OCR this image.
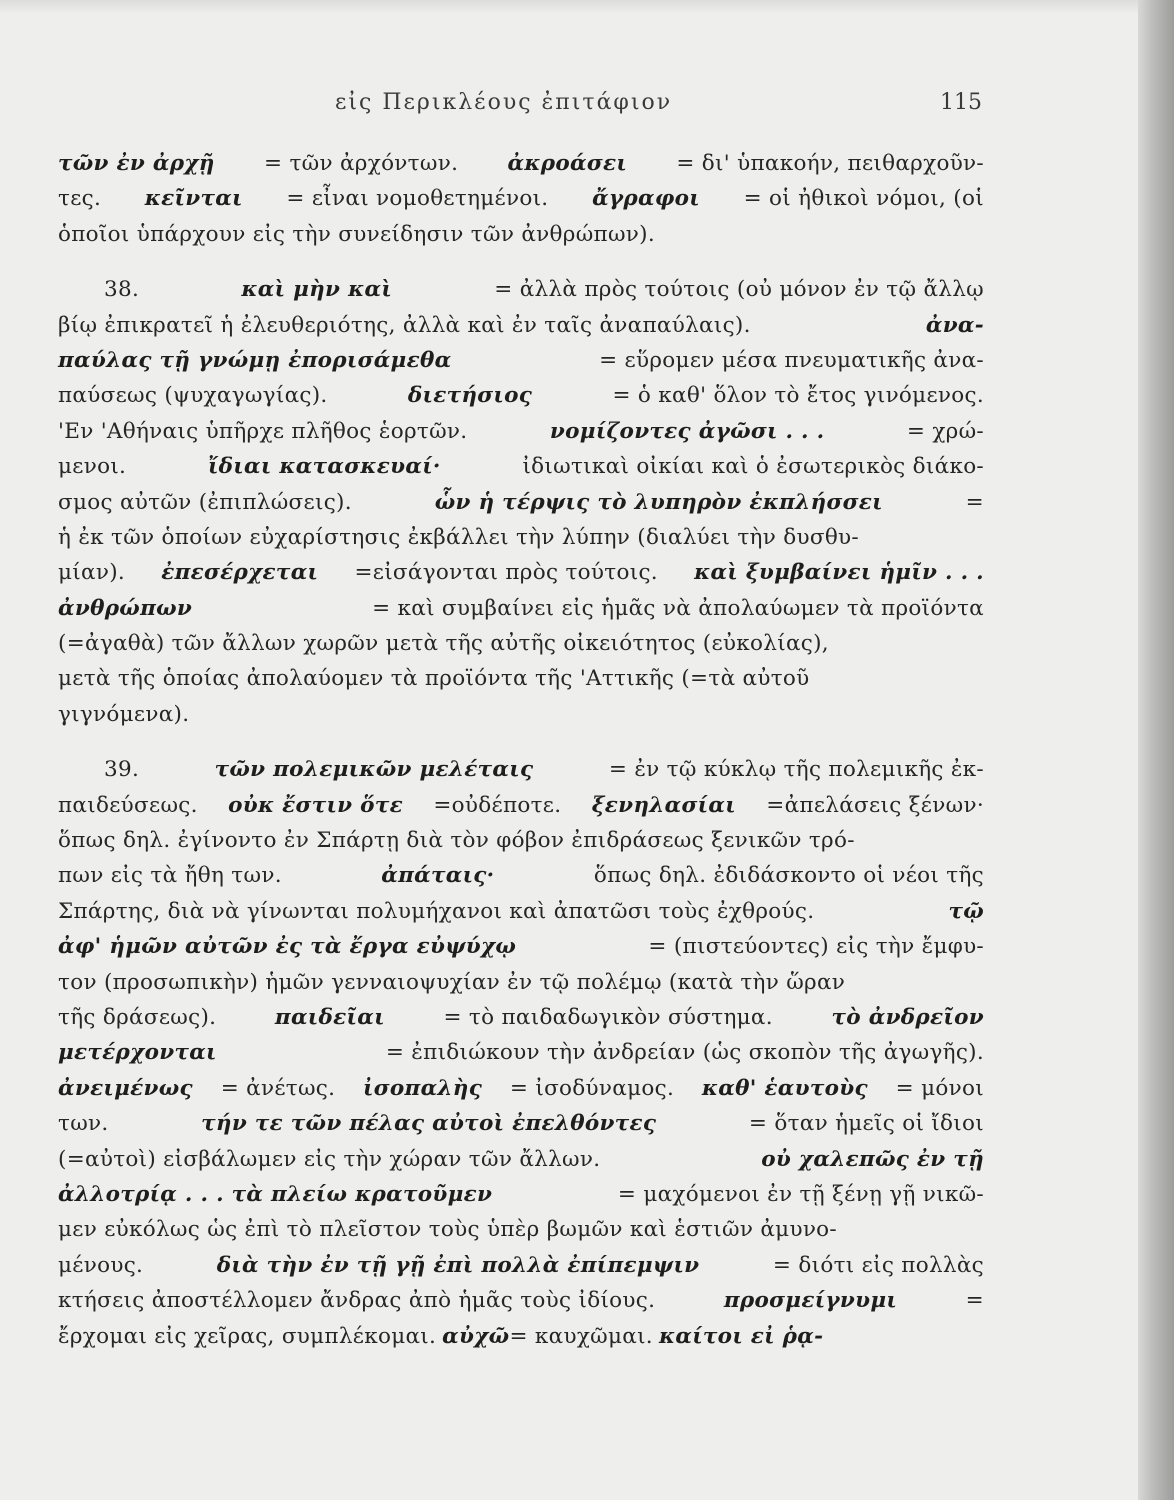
εἰς Περικλέους ἐπιτάφιον	115
τῶν ἐν ἀρχῇ = τῶν ἀρχόντων. ἀκροάσει = δι' ὑπακοήν, πειθαρχοῦν-
τες. κεῖνται = εἶναι νομοθετημένοι. ἄγραφοι = οἱ ἠθικοὶ νόμοι, (οἱ
ὁποῖοι ὑπάρχουν εἰς τὴν συνείδησιν τῶν ἀνθρώπων).
38.	καὶ μὴν καὶ	= ἀλλὰ πρὸς τούτοις (οὐ μόνον ἐν τῷ ἄλλῳ
βίῳ ἐπικρατεῖ ἡ ἐλευθεριότης, ἀλλὰ καὶ ἐν ταῖς ἀναπαύλαις).	ἀνα-
παύλας τῇ γνώμῃ ἐπορισάμεθα	= εὕρομεν μέσα πνευματικῆς ἀνα-
παύσεως (ψυχαγωγίας).	διετήσιος	= ὁ καθ' ὅλον τὸ ἔτος γινόμενος.
'Εν 'Αθήναις ὑπῆρχε πλῆθος ἑορτῶν.	νομίζοντες ἀγῶσι . . .	= χρώ-
μενοι.	ἴδιαι κατασκευαί·	ἰδιωτικαὶ οἰκίαι καὶ ὁ ἐσωτερικὸς διάκο-
σμος αὐτῶν (ἐπιπλώσεις).	ὧν ἡ τέρψις τὸ λυπηρὸν ἐκπλήσσει	=
ἡ ἐκ τῶν ὁποίων εὐχαρίστησις ἐκβάλλει τὴν λύπην (διαλύει τὴν δυσθυ-
μίαν). ἐπεσέρχεται =εἰσάγονται πρὸς τούτοις. καὶ ξυμβαίνει ἡμῖν . . .
ἀνθρώπων	= καὶ συμβαίνει εἰς ἡμᾶς νὰ ἀπολαύωμεν τὰ προϊόντα
(=ἀγαθὰ) τῶν ἄλλων χωρῶν μετὰ τῆς αὐτῆς οἰκειότητος (εὐκολίας),
μετὰ τῆς ὁποίας ἀπολαύομεν τὰ προϊόντα τῆς 'Αττικῆς (=τὰ αὐτοῦ
γιγνόμενα).
39.	τῶν πολεμικῶν μελέταις	= ἐν τῷ κύκλῳ τῆς πολεμικῆς ἐκ-
παιδεύσεως. οὐκ ἔστιν ὅτε =οὐδέποτε. ξενηλασίαι =ἀπελάσεις ξένων·
ὅπως δηλ. ἐγίνοντο ἐν Σπάρτῃ διὰ τὸν φόβον ἐπιδράσεως ξενικῶν τρό-
πων εἰς τὰ ἤθη των.	ἀπάταις·	ὅπως δηλ. ἐδιδάσκοντο οἱ νέοι τῆς
Σπάρτης, διὰ νὰ γίνωνται πολυμήχανοι καὶ ἀπατῶσι τοὺς ἐχθρούς.	τῷ
ἀφ' ἡμῶν αὐτῶν ἐς τὰ ἔργα εὐψύχῳ	= (πιστεύοντες) εἰς τὴν ἔμφυ-
τον (προσωπικὴν) ἡμῶν γενναιοψυχίαν ἐν τῷ πολέμῳ (κατὰ τὴν ὥραν
τῆς δράσεως).	παιδεῖαι	= τὸ παιδαδωγικὸν σύστημα.	τὸ ἀνδρεῖον
μετέρχονται	= ἐπιδιώκουν τὴν ἀνδρείαν (ὡς σκοπὸν τῆς ἀγωγῆς).
ἀνειμένως = ἀνέτως. ἰσοπαλὴς = ἰσοδύναμος. καθ' ἑαυτοὺς = μόνοι
των.	τήν τε τῶν πέλας αὐτοὶ ἐπελθόντες	= ὅταν ἡμεῖς οἱ ἴδιοι
(=αὐτοὶ) εἰσβάλωμεν εἰς τὴν χώραν τῶν ἄλλων.	οὐ χαλεπῶς ἐν τῇ
ἀλλοτρίᾳ . . . τὰ πλείω κρατοῦμεν	= μαχόμενοι ἐν τῇ ξένῃ γῇ νικῶ-
μεν εὐκόλως ὡς ἐπὶ τὸ πλεῖστον τοὺς ὑπὲρ βωμῶν καὶ ἑστιῶν ἀμυνο-
μένους.	διὰ τὴν ἐν τῇ γῇ ἐπὶ πολλὰ ἐπίπεμψιν	= διότι εἰς πολλὰς
κτήσεις ἀποστέλλομεν ἄνδρας ἀπὸ ἡμᾶς τοὺς ἰδίους.	προσμείγνυμι	=
ἔρχομαι εἰς χεῖρας, συμπλέκομαι. αὐχῶ = καυχῶμαι. καίτοι εἰ ῥᾳ-
